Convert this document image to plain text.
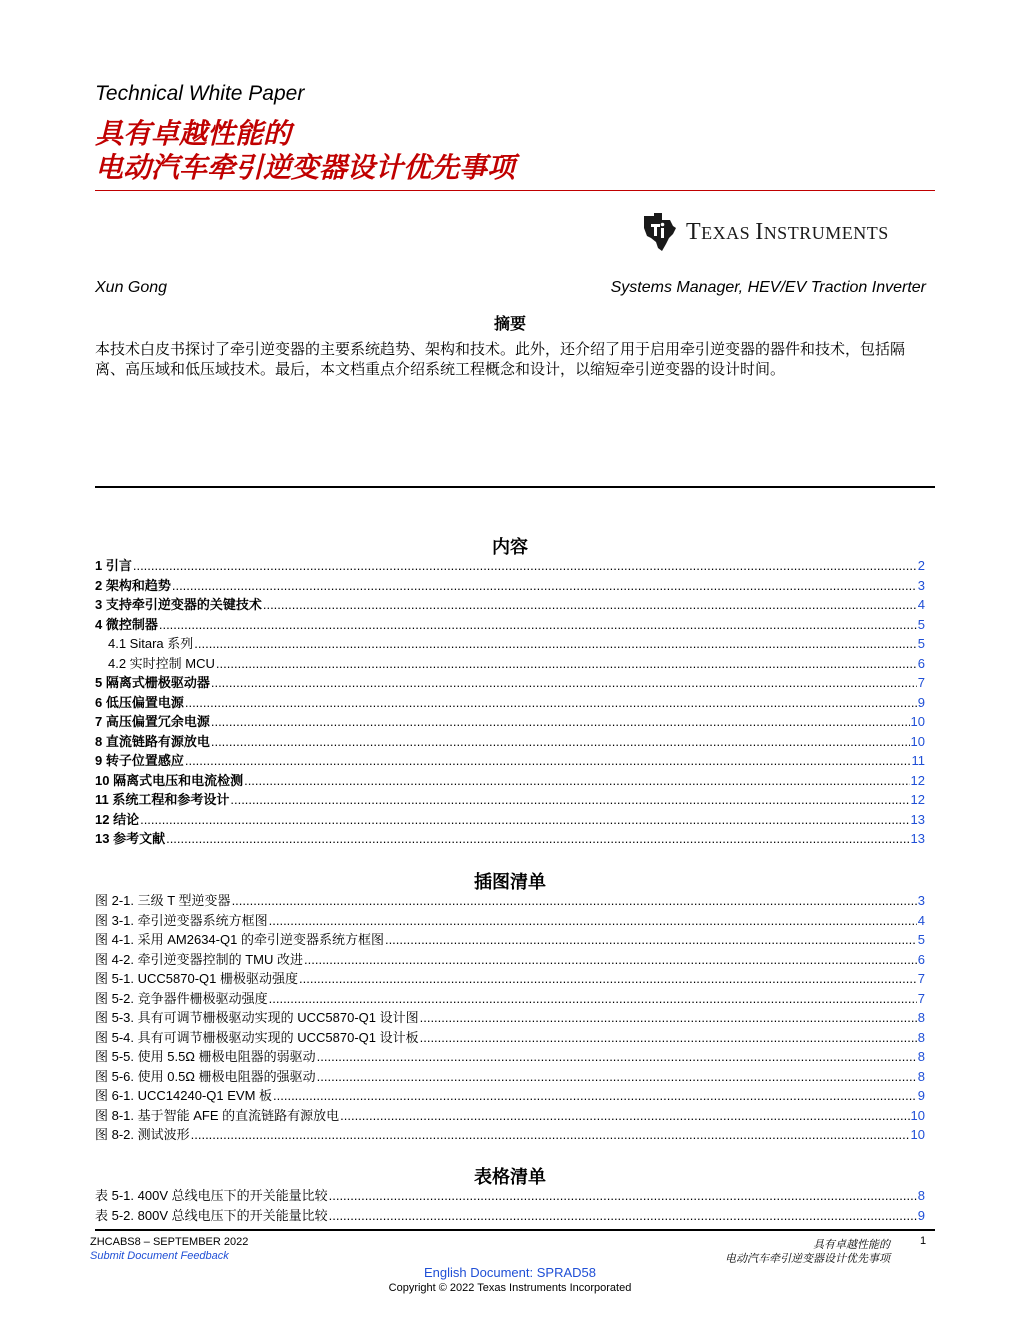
Technical White Paper
具有卓越性能的
电动汽车牵引逆变器设计优先事项
TEXAS INSTRUMENTS
Xun Gong	Systems Manager, HEV/EV Traction Inverter
摘要
本技术白皮书探讨了牵引逆变器的主要系统趋势、架构和技术。此外，还介绍了用于启用牵引逆变器的器件和技术，包括隔离、高压域和低压域技术。最后，本文档重点介绍系统工程概念和设计，以缩短牵引逆变器的设计时间。
内容
1 引言 .....	2
2 架构和趋势 .....	3
3 支持牵引逆变器的关键技术 .....	4
4 微控制器 .....	5
4.1 Sitara 系列 .....	5
4.2 实时控制 MCU .....	6
5 隔离式栅极驱动器 .....	7
6 低压偏置电源 .....	9
7 高压偏置冗余电源 .....	10
8 直流链路有源放电 .....	10
9 转子位置感应 .....	11
10 隔离式电压和电流检测 .....	12
11 系统工程和参考设计 .....	12
12 结论 .....	13
13 参考文献 .....	13
插图清单
图 2-1. 三级 T 型逆变器 .....	3
图 3-1. 牵引逆变器系统方框图 .....	4
图 4-1. 采用 AM2634-Q1 的牵引逆变器系统方框图 .....	5
图 4-2. 牵引逆变器控制的 TMU 改进 .....	6
图 5-1. UCC5870-Q1 栅极驱动强度 .....	7
图 5-2. 竞争器件栅极驱动强度 .....	7
图 5-3. 具有可调节栅极驱动实现的 UCC5870-Q1 设计图 .....	8
图 5-4. 具有可调节栅极驱动实现的 UCC5870-Q1 设计板 .....	8
图 5-5. 使用 5.5Ω 栅极电阻器的弱驱动 .....	8
图 5-6. 使用 0.5Ω 栅极电阻器的强驱动 .....	8
图 6-1. UCC14240-Q1 EVM 板 .....	9
图 8-1. 基于智能 AFE 的直流链路有源放电 .....	10
图 8-2. 测试波形 .....	10
表格清单
表 5-1. 400V 总线电压下的开关能量比较 .....	8
表 5-2. 800V 总线电压下的开关能量比较 .....	9
ZHCABS8 – SEPTEMBER 2022
Submit Document Feedback
具有卓越性能的
电动汽车牵引逆变器设计优先事项
1
English Document: SPRAD58
Copyright © 2022 Texas Instruments Incorporated
